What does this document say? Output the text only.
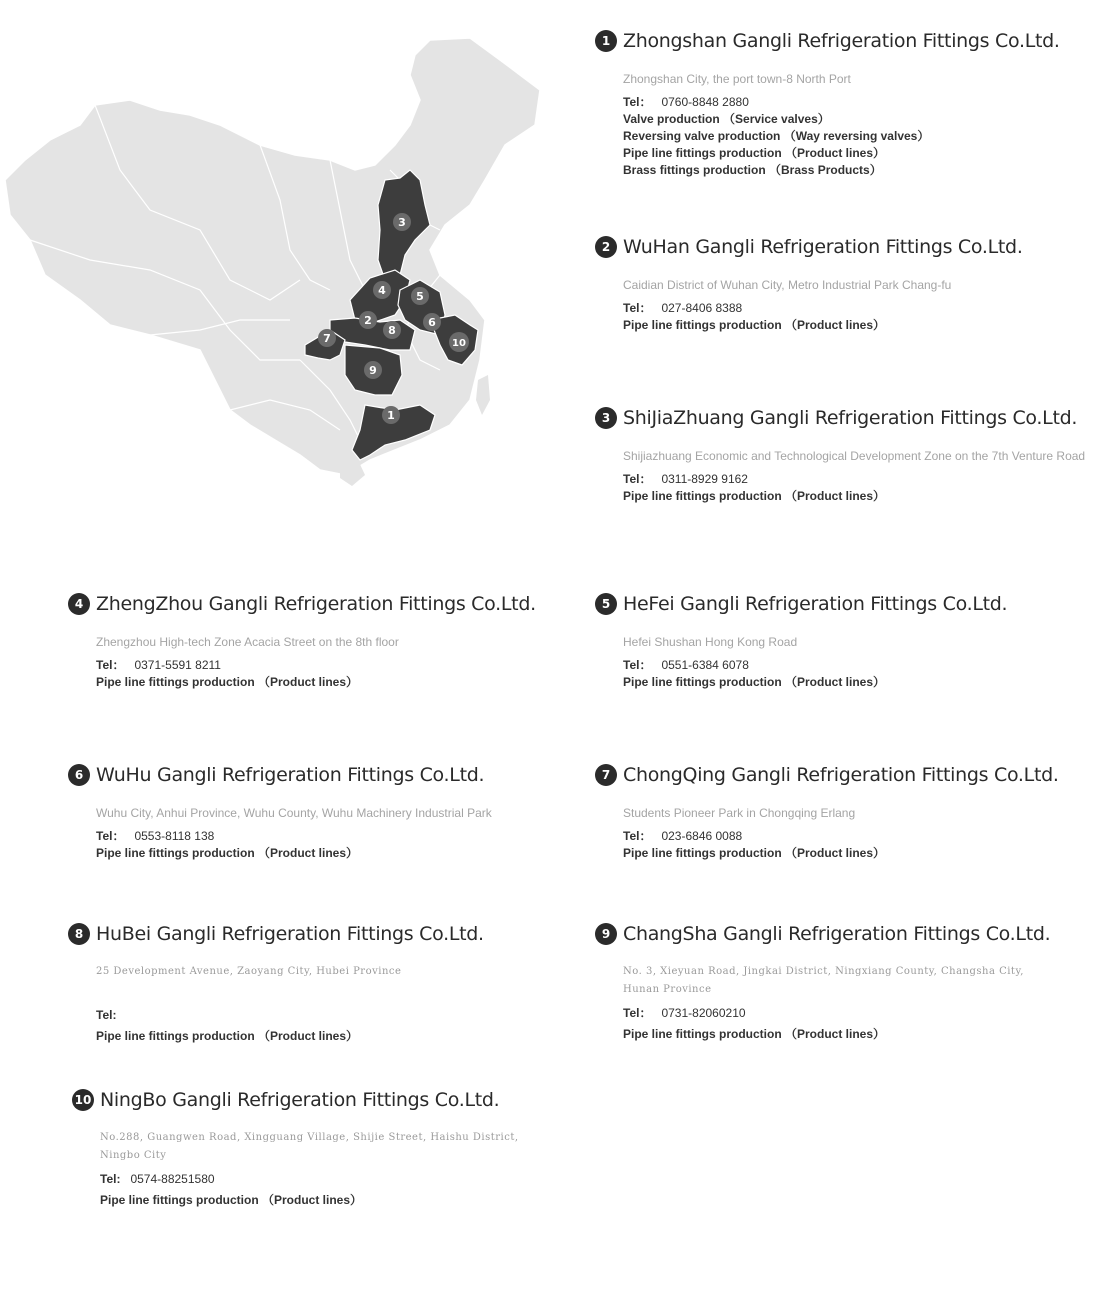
3
4	5
2
8
6
7	10
9
1
1 Zhongshan Gangli Refrigeration Fittings Co.Ltd.
Zhongshan City, the port town-8 North Port
Tel： 0760-8848 2880
Valve production （Service valves）
Reversing valve production （Way reversing valves）
Pipe line fittings production （Product lines）
Brass fittings production （Brass Products）
2 WuHan Gangli Refrigeration Fittings Co.Ltd.
Caidian District of Wuhan City, Metro Industrial Park Chang-fu
Tel： 027-8406 8388
Pipe line fittings production （Product lines）
3 ShiJiaZhuang Gangli Refrigeration Fittings Co.Ltd.
Shijiazhuang Economic and Technological Development Zone on the 7th Venture Road
Tel： 0311-8929 9162
Pipe line fittings production （Product lines）
4 ZhengZhou Gangli Refrigeration Fittings Co.Ltd.
Zhengzhou High-tech Zone Acacia Street on the 8th floor
Tel： 0371-5591 8211
Pipe line fittings production （Product lines）
5 HeFei Gangli Refrigeration Fittings Co.Ltd.
Hefei Shushan Hong Kong Road
Tel： 0551-6384 6078
Pipe line fittings production （Product lines）
6 WuHu Gangli Refrigeration Fittings Co.Ltd.
Wuhu City, Anhui Province, Wuhu County, Wuhu Machinery Industrial Park
Tel： 0553-8118 138
Pipe line fittings production （Product lines）
7 ChongQing Gangli Refrigeration Fittings Co.Ltd.
Students Pioneer Park in Chongqing Erlang
Tel： 023-6846 0088
Pipe line fittings production （Product lines）
8 HuBei Gangli Refrigeration Fittings Co.Ltd.
25 Development Avenue, Zaoyang City, Hubei Province
Tel:
Pipe line fittings production （Product lines）
9 ChangSha Gangli Refrigeration Fittings Co.Ltd.
No. 3, Xieyuan Road, Jingkai District, Ningxiang County, Changsha City, Hunan Province
Tel： 0731-82060210
Pipe line fittings production （Product lines）
10 NingBo Gangli Refrigeration Fittings Co.Ltd.
No.288, Guangwen Road, Xingguang Village, Shijie Street, Haishu District, Ningbo City
Tel: 0574-88251580
Pipe line fittings production （Product lines）
